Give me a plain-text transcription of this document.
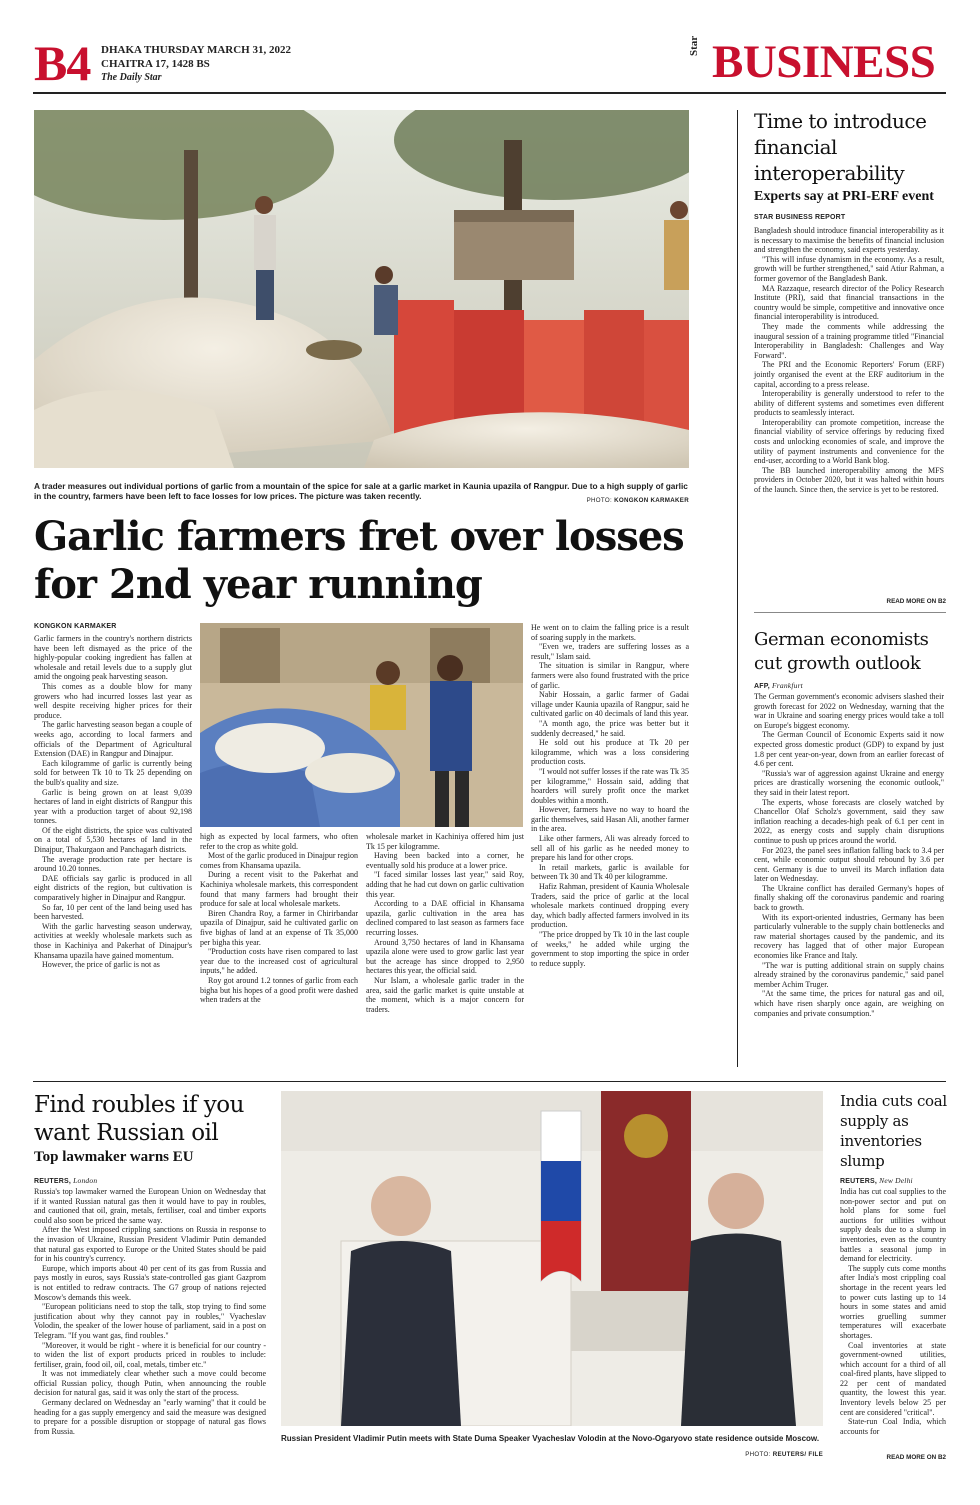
B4 DHAKA THURSDAY MARCH 31, 2022
CHAITRA 17, 1428 BS
The Daily Star
Star BUSINESS
A trader measures out individual portions of garlic from a mountain of the spice for sale at a garlic market in Kaunia upazila of Rangpur. Due to a high supply of garlic in the country, farmers have been left to face losses for low prices. The picture was taken recently.	PHOTO: KONGKON KARMAKER
Garlic farmers fret over losses for 2nd year running
KONGKON KARMAKER

Garlic farmers in the country's northern districts have been left dismayed as the price of the highly-popular cooking ingredient has fallen at wholesale and retail levels due to a supply glut amid the ongoing peak harvesting season.

This comes as a double blow for many growers who had incurred losses last year as well despite receiving higher prices for their produce.

The garlic harvesting season began a couple of weeks ago, according to local farmers and officials of the Department of Agricultural Extension (DAE) in Rangpur and Dinajpur.

Each kilogramme of garlic is currently being sold for between Tk 10 to Tk 25 depending on the bulb's quality and size.

Garlic is being grown on at least 9,039 hectares of land in eight districts of Rangpur this year with a production target of about 92,198 tonnes.

Of the eight districts, the spice was cultivated on a total of 5,530 hectares of land in the Dinajpur, Thakurgaon and Panchagarh districts.

The average production rate per hectare is around 10.20 tonnes.

DAE officials say garlic is produced in all eight districts of the region, but cultivation is comparatively higher in Dinajpur and Rangpur.

So far, 10 per cent of the land being used has been harvested.

With the garlic harvesting season underway, activities at weekly wholesale markets such as those in Kachiniya and Pakerhat of Dinajpur's Khansama upazila have gained momentum.

However, the price of garlic is not as

high as expected by local farmers, who often refer to the crop as white gold.

Most of the garlic produced in Dinajpur region comes from Khansama upazila.

During a recent visit to the Pakerhat and Kachiniya wholesale markets, this correspondent found that many farmers had brought their produce for sale at local wholesale markets.

Biren Chandra Roy, a farmer in Chirirbandar upazila of Dinajpur, said he cultivated garlic on five bighas of land at an expense of Tk 35,000 per bigha this year.

"Production costs have risen compared to last year due to the increased cost of agricultural inputs," he added.

Roy got around 1.2 tonnes of garlic from each bigha but his hopes of a good profit were dashed when traders at the

wholesale market in Kachiniya offered him just Tk 15 per kilogramme.

Having been backed into a corner, he eventually sold his produce at a lower price.

"I faced similar losses last year," said Roy, adding that he had cut down on garlic cultivation this year.

According to a DAE official in Khansama upazila, garlic cultivation in the area has declined compared to last season as farmers face recurring losses.

Around 3,750 hectares of land in Khansama upazila alone were used to grow garlic last year but the acreage has since dropped to 2,950 hectares this year, the official said.

Nur Islam, a wholesale garlic trader in the area, said the garlic market is quite unstable at the moment, which is a major concern for traders.

He went on to claim the falling price is a result of soaring supply in the markets.

"Even we, traders are suffering losses as a result," Islam said.

The situation is similar in Rangpur, where farmers were also found frustrated with the price of garlic.

Nabir Hossain, a garlic farmer of Gadai village under Kaunia upazila of Rangpur, said he cultivated garlic on 40 decimals of land this year.

"A month ago, the price was better but it suddenly decreased," he said.

He sold out his produce at Tk 20 per kilogramme, which was a loss considering production costs.

"I would not suffer losses if the rate was Tk 35 per kilogramme," Hossain said, adding that hoarders will surely profit once the market doubles within a month.

However, farmers have no way to hoard the garlic themselves, said Hasan Ali, another farmer in the area.

Like other farmers, Ali was already forced to sell all of his garlic as he needed money to prepare his land for other crops.

In retail markets, garlic is available for between Tk 30 and Tk 40 per kilogramme.

Hafiz Rahman, president of Kaunia Wholesale Traders, said the price of garlic at the local wholesale markets continued dropping every day, which badly affected farmers involved in its production.

"The price dropped by Tk 10 in the last couple of weeks," he added while urging the government to stop importing the spice in order to reduce supply.

Time to introduce financial interoperability
Experts say at PRI-ERF event
STAR BUSINESS REPORT

Bangladesh should introduce financial interoperability as it is necessary to maximise the benefits of financial inclusion and strengthen the economy, said experts yesterday.

"This will infuse dynamism in the economy. As a result, growth will be further strengthened," said Atiur Rahman, a former governor of the Bangladesh Bank.

MA Razzaque, research director of the Policy Research Institute (PRI), said that financial transactions in the country would be simple, competitive and innovative once financial interoperability is introduced.

They made the comments while addressing the inaugural session of a training programme titled "Financial Interoperability in Bangladesh: Challenges and Way Forward".

The PRI and the Economic Reporters' Forum (ERF) jointly organised the event at the ERF auditorium in the capital, according to a press release.

Interoperability is generally understood to refer to the ability of different systems and sometimes even different products to seamlessly interact.

Interoperability can promote competition, increase the financial viability of service offerings by reducing fixed costs and unlocking economies of scale, and improve the utility of payment instruments and convenience for the end-user, according to a World Bank blog.

The BB launched interoperability among the MFS providers in October 2020, but it was halted within hours of the launch. Since then, the service is yet to be restored.

READ MORE ON B2
German economists cut growth outlook
AFP, Frankfurt

The German government's economic advisers slashed their growth forecast for 2022 on Wednesday, warning that the war in Ukraine and soaring energy prices would take a toll on Europe's biggest economy.

The German Council of Economic Experts said it now expected gross domestic product (GDP) to expand by just 1.8 per cent year-on-year, down from an earlier forecast of 4.6 per cent.

"Russia's war of aggression against Ukraine and energy prices are drastically worsening the economic outlook," they said in their latest report.

The experts, whose forecasts are closely watched by Chancellor Olaf Scholz's government, said they saw inflation reaching a decades-high peak of 6.1 per cent in 2022, as energy costs and supply chain disruptions continue to push up prices around the world.

For 2023, the panel sees inflation falling back to 3.4 per cent, while economic output should rebound by 3.6 per cent. Germany is due to unveil its March inflation data later on Wednesday.

The Ukraine conflict has derailed Germany's hopes of finally shaking off the coronavirus pandemic and roaring back to growth.

With its export-oriented industries, Germany has been particularly vulnerable to the supply chain bottlenecks and raw material shortages caused by the pandemic, and its recovery has lagged that of other major European economies like France and Italy.

"The war is putting additional strain on supply chains already strained by the coronavirus pandemic," said panel member Achim Truger.

"At the same time, the prices for natural gas and oil, which have risen sharply once again, are weighing on companies and private consumption."

Find roubles if you want Russian oil
Top lawmaker warns EU
REUTERS, London

Russia's top lawmaker warned the European Union on Wednesday that if it wanted Russian natural gas then it would have to pay in roubles, and cautioned that oil, grain, metals, fertiliser, coal and timber exports could also soon be priced the same way.

After the West imposed crippling sanctions on Russia in response to the invasion of Ukraine, Russian President Vladimir Putin demanded that natural gas exported to Europe or the United States should be paid for in his country's currency.

Europe, which imports about 40 per cent of its gas from Russia and pays mostly in euros, says Russia's state-controlled gas giant Gazprom is not entitled to redraw contracts. The G7 group of nations rejected Moscow's demands this week.

"European politicians need to stop the talk, stop trying to find some justification about why they cannot pay in roubles," Vyacheslav Volodin, the speaker of the lower house of parliament, said in a post on Telegram. "If you want gas, find roubles."

"Moreover, it would be right - where it is beneficial for our country - to widen the list of export products priced in roubles to include: fertiliser, grain, food oil, oil, coal, metals, timber etc."

It was not immediately clear whether such a move could become official Russian policy, though Putin, when announcing the rouble decision for natural gas, said it was only the start of the process.

Germany declared on Wednesday an "early warning" that it could be heading for a gas supply emergency and said the measure was designed to prepare for a possible disruption or stoppage of natural gas flows from Russia.

Russian President Vladimir Putin meets with State Duma Speaker Vyacheslav Volodin at the Novo-Ogaryovo state residence outside Moscow.
PHOTO: REUTERS/ FILE
India cuts coal supply as inventories slump
REUTERS, New Delhi

India has cut coal supplies to the non-power sector and put on hold plans for some fuel auctions for utilities without supply deals due to a slump in inventories, even as the country battles a seasonal jump in demand for electricity.

The supply cuts come months after India's most crippling coal shortage in the recent years led to power cuts lasting up to 14 hours in some states and amid worries gruelling summer temperatures will exacerbate shortages.

Coal inventories at state government-owned utilities, which account for a third of all coal-fired plants, have slipped to 22 per cent of mandated quantity, the lowest this year. Inventory levels below 25 per cent are considered "critical".

State-run Coal India, which accounts for

READ MORE ON B2
